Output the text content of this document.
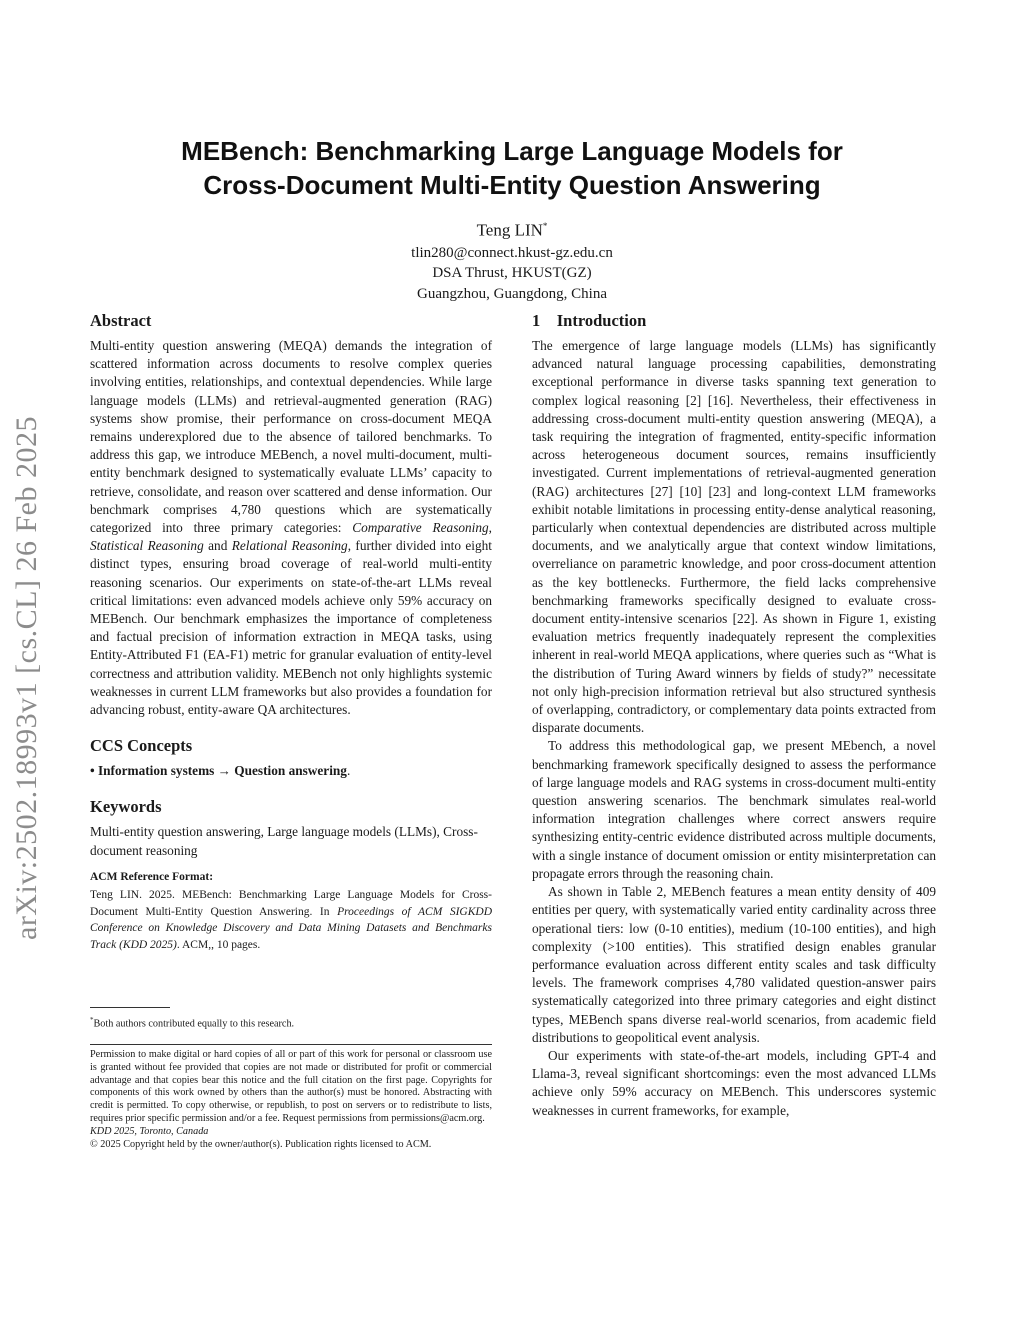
arXiv:2502.18993v1 [cs.CL] 26 Feb 2025
MEBench: Benchmarking Large Language Models for
Cross-Document Multi-Entity Question Answering
Teng LIN*
tlin280@connect.hkust-gz.edu.cn
DSA Thrust, HKUST(GZ)
Guangzhou, Guangdong, China
Abstract

Multi-entity question answering (MEQA) demands the integration of scattered information across documents to resolve complex queries involving entities, relationships, and contextual dependencies. While large language models (LLMs) and retrieval-augmented generation (RAG) systems show promise, their performance on cross-document MEQA remains underexplored due to the absence of tailored benchmarks. To address this gap, we introduce MEBench, a novel multi-document, multi-entity benchmark designed to systematically evaluate LLMs’ capacity to retrieve, consolidate, and reason over scattered and dense information. Our benchmark comprises 4,780 questions which are systematically categorized into three primary categories: Comparative Reasoning, Statistical Reasoning and Relational Reasoning, further divided into eight distinct types, ensuring broad coverage of real-world multi-entity reasoning scenarios. Our experiments on state-of-the-art LLMs reveal critical limitations: even advanced models achieve only 59% accuracy on MEBench. Our benchmark emphasizes the importance of completeness and factual precision of information extraction in MEQA tasks, using Entity-Attributed F1 (EA-F1) metric for granular evaluation of entity-level correctness and attribution validity. MEBench not only highlights systemic weaknesses in current LLM frameworks but also provides a foundation for advancing robust, entity-aware QA architectures.

CCS Concepts

• Information systems → Question answering.

Keywords

Multi-entity question answering, Large language models (LLMs), Cross-document reasoning

ACM Reference Format:

Teng LIN. 2025. MEBench: Benchmarking Large Language Models for Cross-Document Multi-Entity Question Answering. In Proceedings of ACM SIGKDD Conference on Knowledge Discovery and Data Mining Datasets and Benchmarks Track (KDD 2025). ACM,, 10 pages.

*Both authors contributed equally to this research.

Permission to make digital or hard copies of all or part of this work for personal or classroom use is granted without fee provided that copies are not made or distributed for profit or commercial advantage and that copies bear this notice and the full citation on the first page. Copyrights for components of this work owned by others than the author(s) must be honored. Abstracting with credit is permitted. To copy otherwise, or republish, to post on servers or to redistribute to lists, requires prior specific permission and/or a fee. Request permissions from permissions@acm.org.

KDD 2025, Toronto, Canada

© 2025 Copyright held by the owner/author(s). Publication rights licensed to ACM.

1 Introduction

The emergence of large language models (LLMs) has significantly advanced natural language processing capabilities, demonstrating exceptional performance in diverse tasks spanning text generation to complex logical reasoning [2] [16]. Nevertheless, their effectiveness in addressing cross-document multi-entity question answering (MEQA), a task requiring the integration of fragmented, entity-specific information across heterogeneous document sources, remains insufficiently investigated. Current implementations of retrieval-augmented generation (RAG) architectures [27] [10] [23] and long-context LLM frameworks exhibit notable limitations in processing entity-dense analytical reasoning, particularly when contextual dependencies are distributed across multiple documents, and we analytically argue that context window limitations, overreliance on parametric knowledge, and poor cross-document attention as the key bottlenecks. Furthermore, the field lacks comprehensive benchmarking frameworks specifically designed to evaluate cross-document entity-intensive scenarios [22]. As shown in Figure 1, existing evaluation metrics frequently inadequately represent the complexities inherent in real-world MEQA applications, where queries such as “What is the distribution of Turing Award winners by fields of study?” necessitate not only high-precision information retrieval but also structured synthesis of overlapping, contradictory, or complementary data points extracted from disparate documents.

To address this methodological gap, we present MEbench, a novel benchmarking framework specifically designed to assess the performance of large language models and RAG systems in cross-document multi-entity question answering scenarios. The benchmark simulates real-world information integration challenges where correct answers require synthesizing entity-centric evidence distributed across multiple documents, with a single instance of document omission or entity misinterpretation can propagate errors through the reasoning chain.

As shown in Table 2, MEBench features a mean entity density of 409 entities per query, with systematically varied entity cardinality across three operational tiers: low (0-10 entities), medium (10-100 entities), and high complexity (>100 entities). This stratified design enables granular performance evaluation across different entity scales and task difficulty levels. The framework comprises 4,780 validated question-answer pairs systematically categorized into three primary categories and eight distinct types, MEBench spans diverse real-world scenarios, from academic field distributions to geopolitical event analysis.

Our experiments with state-of-the-art models, including GPT-4 and Llama-3, reveal significant shortcomings: even the most advanced LLMs achieve only 59% accuracy on MEBench. This underscores systemic weaknesses in current frameworks, for example,
